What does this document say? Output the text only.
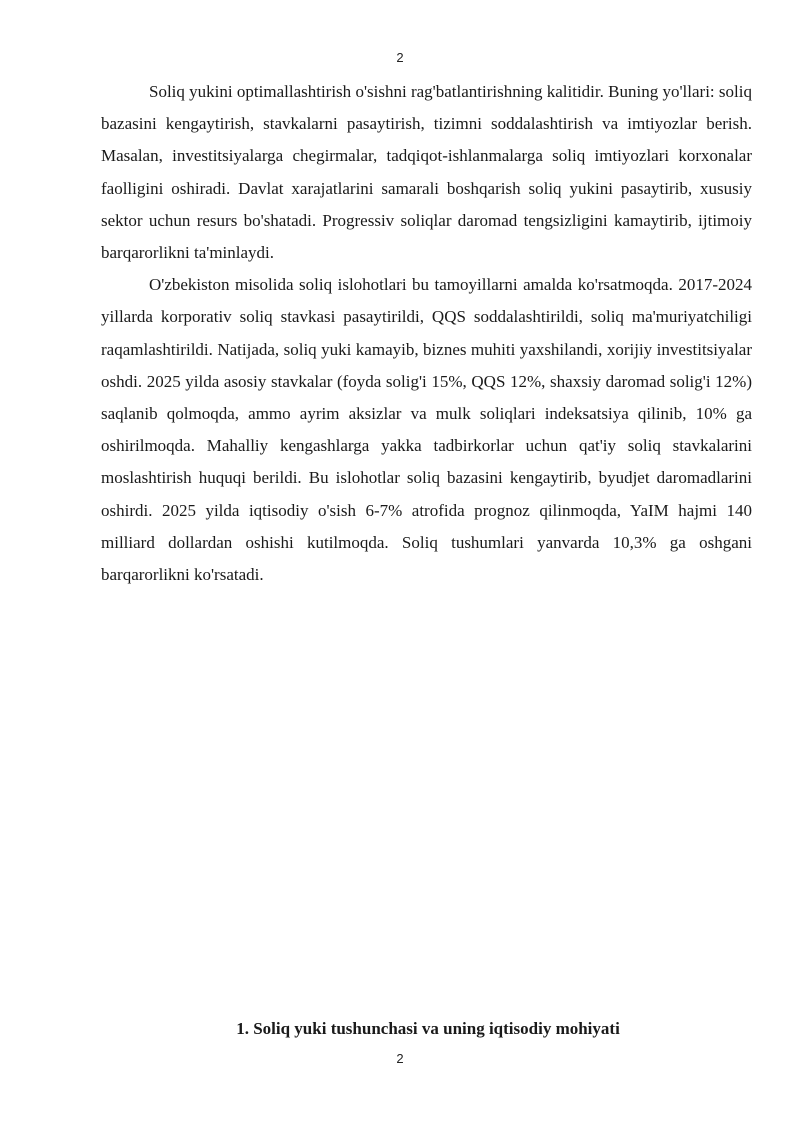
2

Soliq yukini optimallashtirish o'sishni rag'batlantirishning kalitidir. Buning yo'llari: soliq bazasini kengaytirish, stavkalarni pasaytirish, tizimni soddalashtirish va imtiyozlar berish. Masalan, investitsiyalarga chegirmalar, tadqiqot-ishlanmalarga soliq imtiyozlari korxonalar faolligini oshiradi. Davlat xarajatlarini samarali boshqarish soliq yukini pasaytirib, xususiy sektor uchun resurs bo'shatadi. Progressiv soliqlar daromad tengsizligini kamaytirib, ijtimoiy barqarorlikni ta'minlaydi.

O'zbekiston misolida soliq islohotlari bu tamoyillarni amalda ko'rsatmoqda. 2017-2024 yillarda korporativ soliq stavkasi pasaytirildi, QQS soddalashtirildi, soliq ma'muriyatchiligi raqamlashtirildi. Natijada, soliq yuki kamayib, biznes muhiti yaxshilandi, xorijiy investitsiyalar oshdi. 2025 yilda asosiy stavkalar (foyda solig'i 15%, QQS 12%, shaxsiy daromad solig'i 12%) saqlanib qolmoqda, ammo ayrim aksizlar va mulk soliqlari indeksatsiya qilinib, 10% ga oshirilmoqda. Mahalliy kengashlarga yakka tadbirkorlar uchun qat'iy soliq stavkalarini moslashtirish huquqi berildi. Bu islohotlar soliq bazasini kengaytirib, byudjet daromadlarini oshirdi. 2025 yilda iqtisodiy o'sish 6-7% atrofida prognoz qilinmoqda, YaIM hajmi 140 milliard dollardan oshishi kutilmoqda. Soliq tushumlari yanvarda 10,3% ga oshgani barqarorlikni ko'rsatadi.

1. Soliq yuki tushunchasi va uning iqtisodiy mohiyati
2
